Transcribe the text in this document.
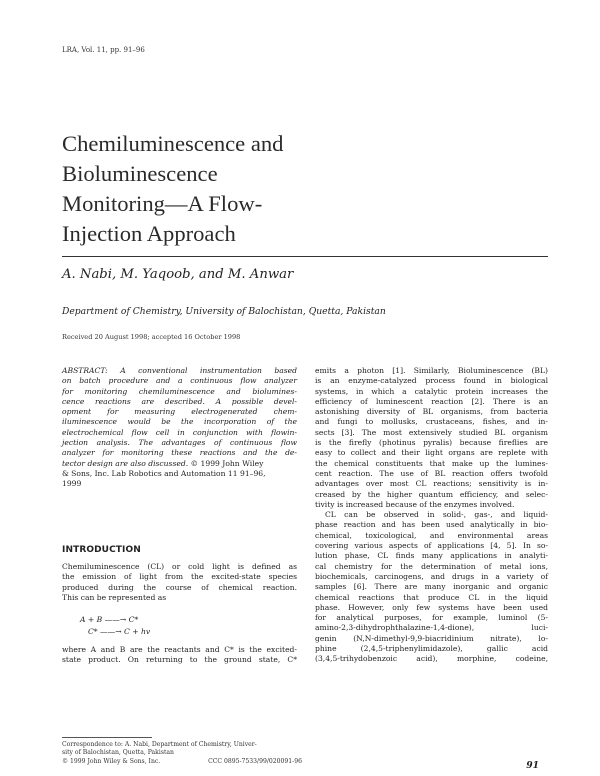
LRA, Vol. 11, pp. 91–96
Chemiluminescence and
Bioluminescence
Monitoring—A Flow-
Injection Approach
A. Nabi, M. Yaqoob, and M. Anwar
Department of Chemistry, University of Balochistan, Quetta, Pakistan
Received 20 August 1998; accepted 16 October 1998
ABSTRACT: A conventional instrumentation based
on batch procedure and a continuous flow analyzer
for monitoring chemiluminescence and biolumines-
cence reactions are described. A possible devel-
opment for measuring electrogenerated chem-
iluminescence would be the incorporation of the
electrochemical flow cell in conjunction with flowin-
jection analysis. The advantages of continuous flow
analyzer for monitoring these reactions and the de-
tector design are also discussed. © 1999 John Wiley
& Sons, Inc. Lab Robotics and Automation 11 91–96,
1999
INTRODUCTION
Chemiluminescence (CL) or cold light is defined as
the emission of light from the excited-state species
produced during the course of chemical reaction.
This can be represented as
A + B ——→ C*
C* ——→ C + hv
where A and B are the reactants and C* is the excited-
state product. On returning to the ground state, C*
emits a photon [1]. Similarly, Bioluminescence (BL)
is an enzyme-catalyzed process found in biological
systems, in which a catalytic protein increases the
efficiency of luminescent reaction [2]. There is an
astonishing diversity of BL organisms, from bacteria
and fungi to mollusks, crustaceans, fishes, and in-
sects [3]. The most extensively studied BL organism
is the firefly (photinus pyralis) because fireflies are
easy to collect and their light organs are replete with
the chemical constituents that make up the lumines-
cent reaction. The use of BL reaction offers twofold
advantages over most CL reactions; sensitivity is in-
creased by the higher quantum efficiency, and selec-
tivity is increased because of the enzymes involved.
CL can be observed in solid-, gas-, and liquid-
phase reaction and has been used analytically in bio-
chemical, toxicological, and environmental areas
covering various aspects of applications [4, 5]. In so-
lution phase, CL finds many applications in analyti-
cal chemistry for the determination of metal ions,
biochemicals, carcinogens, and drugs in a variety of
samples [6]. There are many inorganic and organic
chemical reactions that produce CL in the liquid
phase. However, only few systems have been used
for analytical purposes, for example, luminol (5-
amino-2,3-dihydrophthalazine-1,4-dione), luci-
genin (N,N-dimethyl-9,9-biacridinium nitrate), lo-
phine (2,4,5-triphenylimidazole), gallic acid
(3,4,5-trihydobenzoic acid), morphine, codeine,
Correspondence to: A. Nabi, Department of Chemistry, Univer-
sity of Balochistan, Quetta, Pakistan
© 1999 John Wiley & Sons, Inc.	CCC 0895-7533/99/020091-96	91
